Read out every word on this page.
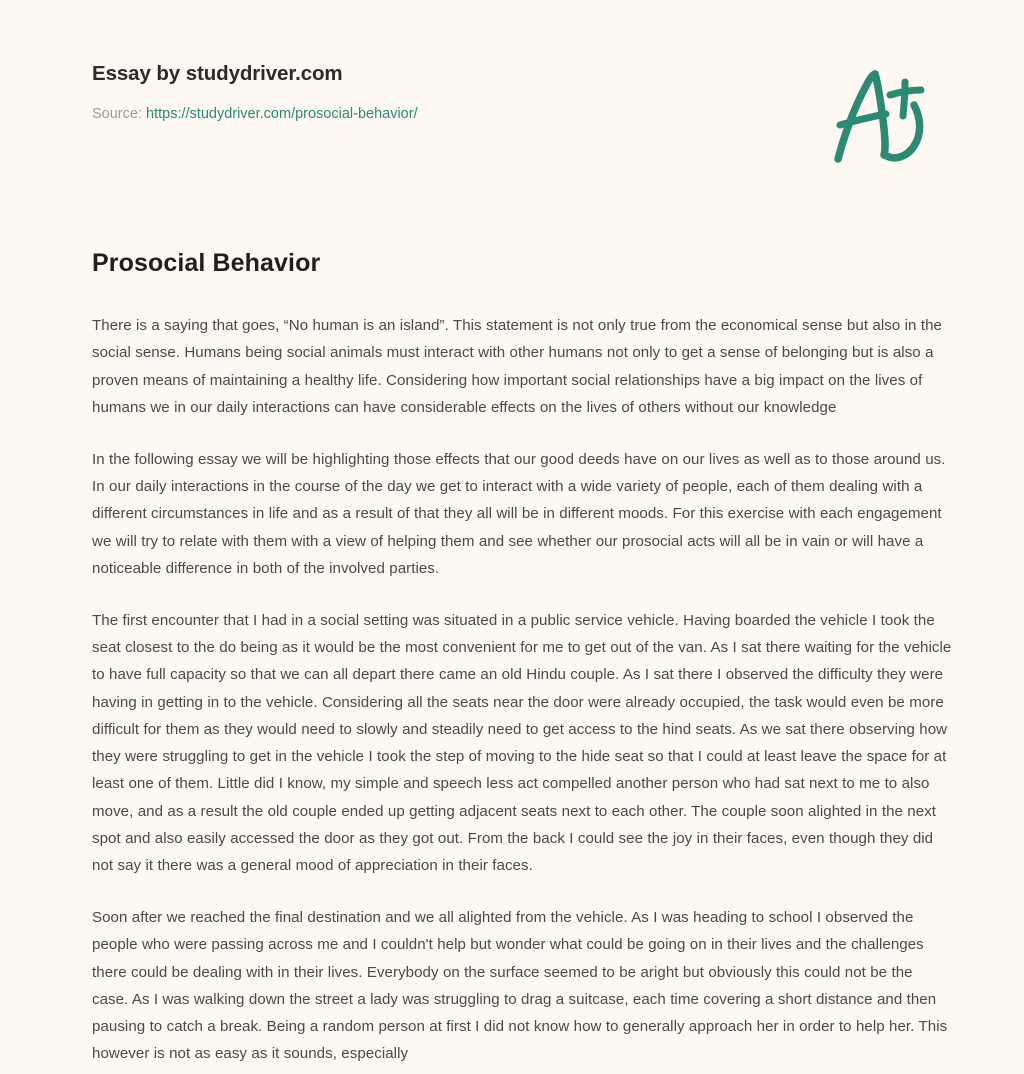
Essay by studydriver.com
Source: https://studydriver.com/prosocial-behavior/
Prosocial Behavior

There is a saying that goes, “No human is an island”. This statement is not only true from the economical sense but also in the social sense. Humans being social animals must interact with other humans not only to get a sense of belonging but is also a proven means of maintaining a healthy life. Considering how important social relationships have a big impact on the lives of humans we in our daily interactions can have considerable effects on the lives of others without our knowledge

In the following essay we will be highlighting those effects that our good deeds have on our lives as well as to those around us. In our daily interactions in the course of the day we get to interact with a wide variety of people, each of them dealing with a different circumstances in life and as a result of that they all will be in different moods. For this exercise with each engagement we will try to relate with them with a view of helping them and see whether our prosocial acts will all be in vain or will have a noticeable difference in both of the involved parties.

The first encounter that I had in a social setting was situated in a public service vehicle. Having boarded the vehicle I took the seat closest to the do being as it would be the most convenient for me to get out of the van. As I sat there waiting for the vehicle to have full capacity so that we can all depart there came an old Hindu couple. As I sat there I observed the difficulty they were having in getting in to the vehicle. Considering all the seats near the door were already occupied, the task would even be more difficult for them as they would need to slowly and steadily need to get access to the hind seats. As we sat there observing how they were struggling to get in the vehicle I took the step of moving to the hide seat so that I could at least leave the space for at least one of them. Little did I know, my simple and speech less act compelled another person who had sat next to me to also move, and as a result the old couple ended up getting adjacent seats next to each other. The couple soon alighted in the next spot and also easily accessed the door as they got out. From the back I could see the joy in their faces, even though they did not say it there was a general mood of appreciation in their faces.

Soon after we reached the final destination and we all alighted from the vehicle. As I was heading to school I observed the people who were passing across me and I couldn't help but wonder what could be going on in their lives and the challenges there could be dealing with in their lives. Everybody on the surface seemed to be aright but obviously this could not be the case. As I was walking down the street a lady was struggling to drag a suitcase, each time covering a short distance and then pausing to catch a break. Being a random person at first I did not know how to generally approach her in order to help her. This however is not as easy as it sounds, especially
